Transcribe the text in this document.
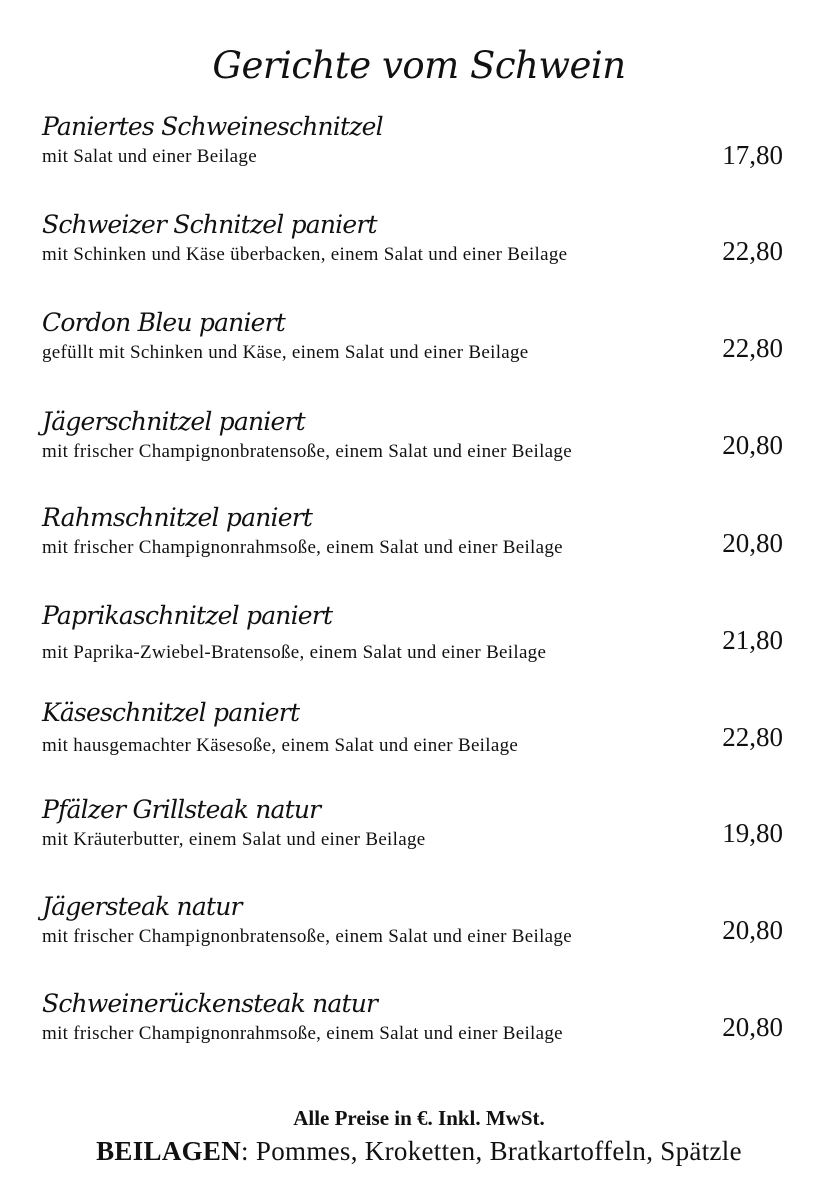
Gerichte vom Schwein
Paniertes Schweineschnitzel
mit Salat und einer Beilage	17,80
Schweizer Schnitzel paniert
mit Schinken und Käse überbacken, einem Salat und einer Beilage	22,80
Cordon Bleu paniert
gefüllt mit Schinken und Käse, einem Salat und einer Beilage	22,80
Jägerschnitzel paniert
mit frischer Champignonbratensoße, einem Salat und einer Beilage	20,80
Rahmschnitzel paniert
mit frischer Champignonrahmsoße, einem Salat und einer Beilage	20,80
Paprikaschnitzel paniert
mit Paprika-Zwiebel-Bratensoße, einem Salat und einer Beilage	21,80
Käseschnitzel paniert
mit hausgemachter Käsesoße, einem Salat und einer Beilage	22,80
Pfälzer Grillsteak natur
mit Kräuterbutter, einem Salat und einer Beilage	19,80
Jägersteak natur
mit frischer Champignonbratensoße, einem Salat und einer Beilage	20,80
Schweinerückensteak natur
mit frischer Champignonrahmsoße, einem Salat und einer Beilage	20,80
Alle Preise in €. Inkl. MwSt.
BEILAGEN: Pommes, Kroketten, Bratkartoffeln, Spätzle
